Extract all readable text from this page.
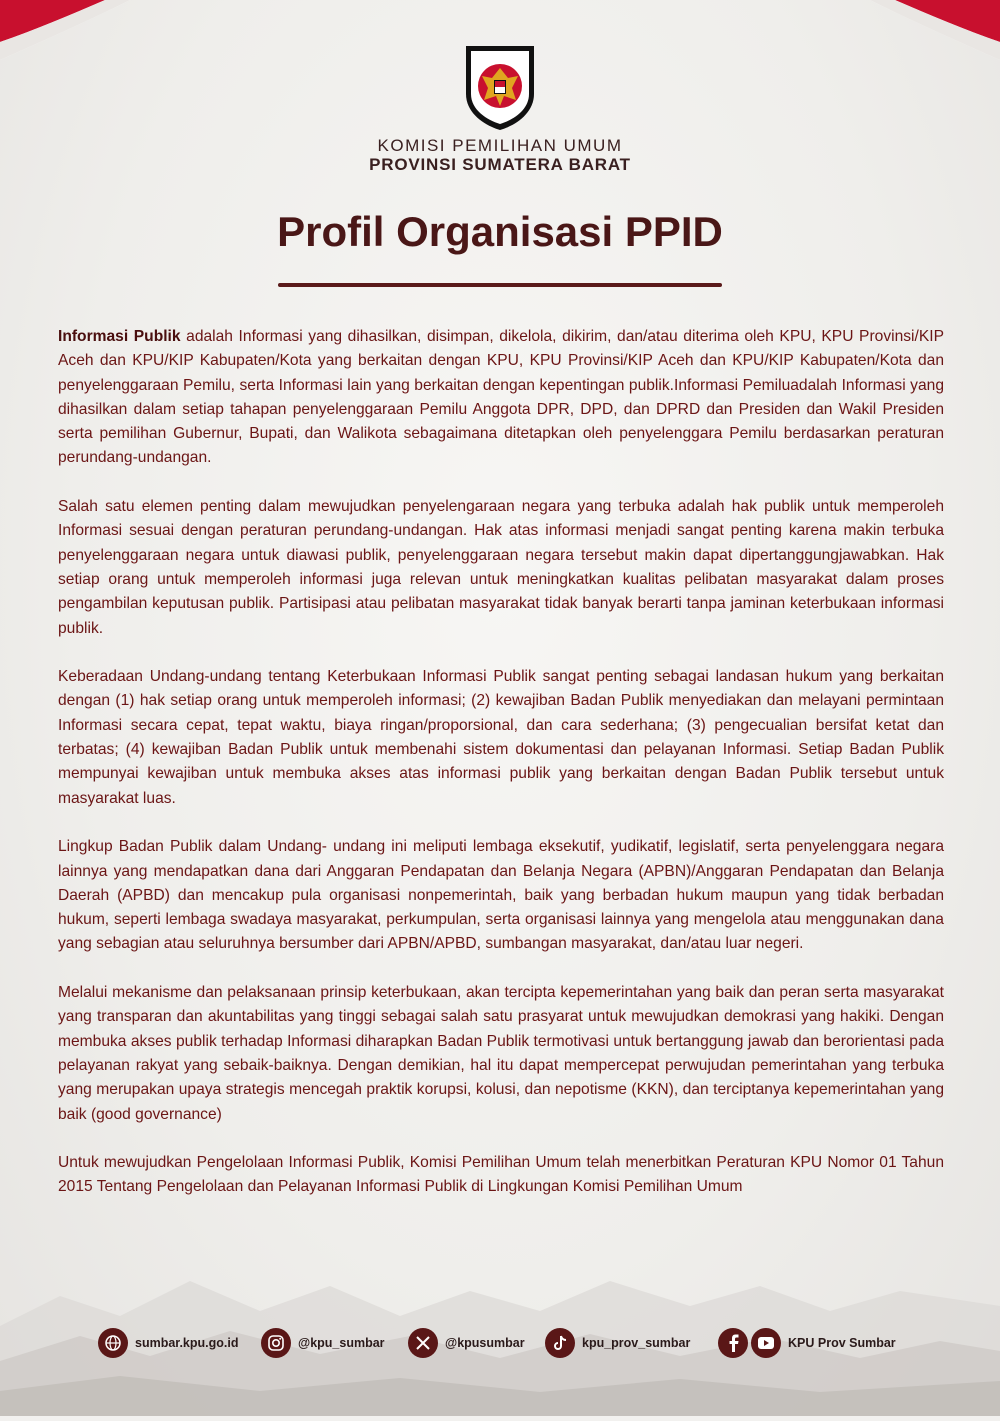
KOMISI PEMILIHAN UMUM
PROVINSI SUMATERA BARAT
Profil Organisasi PPID

Informasi Publik adalah Informasi yang dihasilkan, disimpan, dikelola, dikirim, dan/atau diterima oleh KPU, KPU Provinsi/KIP Aceh dan KPU/KIP Kabupaten/Kota yang berkaitan dengan KPU, KPU Provinsi/KIP Aceh dan KPU/KIP Kabupaten/Kota dan penyelenggaraan Pemilu, serta Informasi lain yang berkaitan dengan kepentingan publik.Informasi Pemiluadalah Informasi yang dihasilkan dalam setiap tahapan penyelenggaraan Pemilu Anggota DPR, DPD, dan DPRD dan Presiden dan Wakil Presiden serta pemilihan Gubernur, Bupati, dan Walikota sebagaimana ditetapkan oleh penyelenggara Pemilu berdasarkan peraturan perundang-undangan.

Salah satu elemen penting dalam mewujudkan penyelengaraan negara yang terbuka adalah hak publik untuk memperoleh Informasi sesuai dengan peraturan perundang-undangan. Hak atas informasi menjadi sangat penting karena makin terbuka penyelenggaraan negara untuk diawasi publik, penyelenggaraan negara tersebut makin dapat dipertanggungjawabkan. Hak setiap orang untuk memperoleh informasi juga relevan untuk meningkatkan kualitas pelibatan masyarakat dalam proses pengambilan keputusan publik. Partisipasi atau pelibatan masyarakat tidak banyak berarti tanpa jaminan keterbukaan informasi publik.

Keberadaan Undang-undang tentang Keterbukaan Informasi Publik sangat penting sebagai landasan hukum yang berkaitan dengan (1) hak setiap orang untuk memperoleh informasi; (2) kewajiban Badan Publik menyediakan dan melayani permintaan Informasi secara cepat, tepat waktu, biaya ringan/proporsional, dan cara sederhana; (3) pengecualian bersifat ketat dan terbatas; (4) kewajiban Badan Publik untuk membenahi sistem dokumentasi dan pelayanan Informasi. Setiap Badan Publik mempunyai kewajiban untuk membuka akses atas informasi publik yang berkaitan dengan Badan Publik tersebut untuk masyarakat luas.

Lingkup Badan Publik dalam Undang- undang ini meliputi lembaga eksekutif, yudikatif, legislatif, serta penyelenggara negara lainnya yang mendapatkan dana dari Anggaran Pendapatan dan Belanja Negara (APBN)/Anggaran Pendapatan dan Belanja Daerah (APBD) dan mencakup pula organisasi nonpemerintah, baik yang berbadan hukum maupun yang tidak berbadan hukum, seperti lembaga swadaya masyarakat, perkumpulan, serta organisasi lainnya yang mengelola atau menggunakan dana yang sebagian atau seluruhnya bersumber dari APBN/APBD, sumbangan masyarakat, dan/atau luar negeri.

Melalui mekanisme dan pelaksanaan prinsip keterbukaan, akan tercipta kepemerintahan yang baik dan peran serta masyarakat yang transparan dan akuntabilitas yang tinggi sebagai salah satu prasyarat untuk mewujudkan demokrasi yang hakiki. Dengan membuka akses publik terhadap Informasi diharapkan Badan Publik termotivasi untuk bertanggung jawab dan berorientasi pada pelayanan rakyat yang sebaik-baiknya. Dengan demikian, hal itu dapat mempercepat perwujudan pemerintahan yang terbuka yang merupakan upaya strategis mencegah praktik korupsi, kolusi, dan nepotisme (KKN), dan terciptanya kepemerintahan yang baik (good governance)

Untuk mewujudkan Pengelolaan Informasi Publik, Komisi Pemilihan Umum telah menerbitkan Peraturan KPU Nomor 01 Tahun 2015 Tentang Pengelolaan dan Pelayanan Informasi Publik di Lingkungan Komisi Pemilihan Umum

sumbar.kpu.go.id	@kpu_sumbar	@kpusumbar	kpu_prov_sumbar	KPU Prov Sumbar
